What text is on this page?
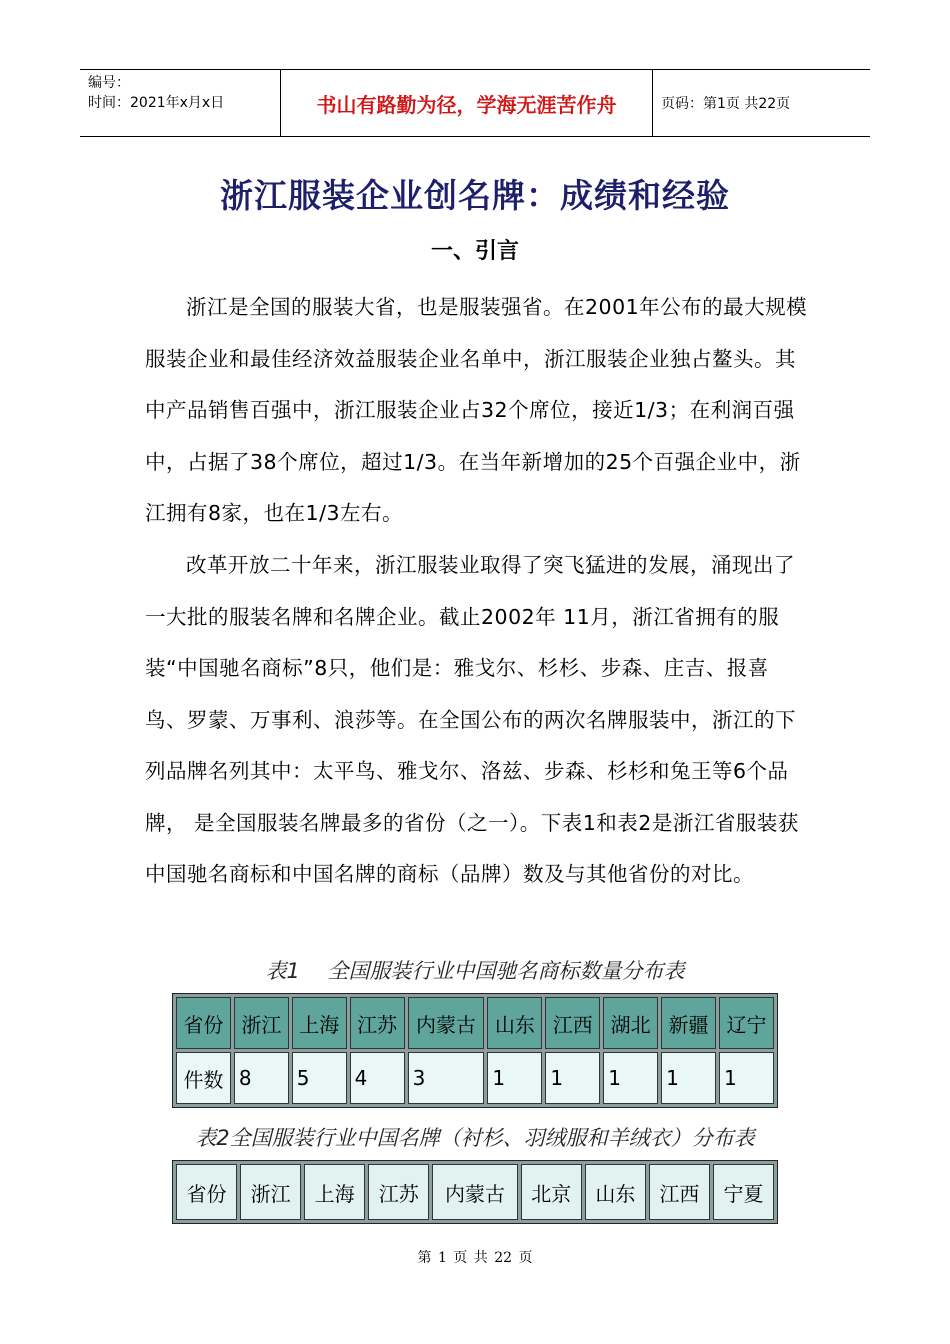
编号：
时间：2021年x月x日	书山有路勤为径，学海无涯苦作舟	页码：第1页 共22页
浙江服装企业创名牌：成绩和经验
一、引言

浙江是全国的服装大省，也是服装强省。在2001年公布的最大规模服装企业和最佳经济效益服装企业名单中，浙江服装企业独占鳌头。其中产品销售百强中，浙江服装企业占32个席位，接近1/3；在利润百强中，占据了38个席位，超过1/3。在当年新增加的25个百强企业中，浙江拥有8家，也在1/3左右。

改革开放二十年来，浙江服装业取得了突飞猛进的发展，涌现出了一大批的服装名牌和名牌企业。截止2002年 11月，浙江省拥有的服装“中国驰名商标”8只，他们是：雅戈尔、杉杉、步森、庄吉、报喜鸟、罗蒙、万事利、浪莎等。在全国公布的两次名牌服装中，浙江的下列品牌名列其中：太平鸟、雅戈尔、洛兹、步森、杉杉和兔王等6个品牌， 是全国服装名牌最多的省份（之一）。下表1和表2是浙江省服装获中国驰名商标和中国名牌的商标（品牌）数及与其他省份的对比。

表1　 全国服装行业中国驰名商标数量分布表
省份	浙江	上海	江苏	内蒙古	山东	江西	湖北	新疆	辽宁
件数	8	5	4	3	1	1	1	1	1
表2全国服装行业中国名牌（衬杉、羽绒服和羊绒衣）分布表
省份	浙江	上海	江苏	内蒙古	北京	山东	江西	宁夏
第 1 页 共 22 页
